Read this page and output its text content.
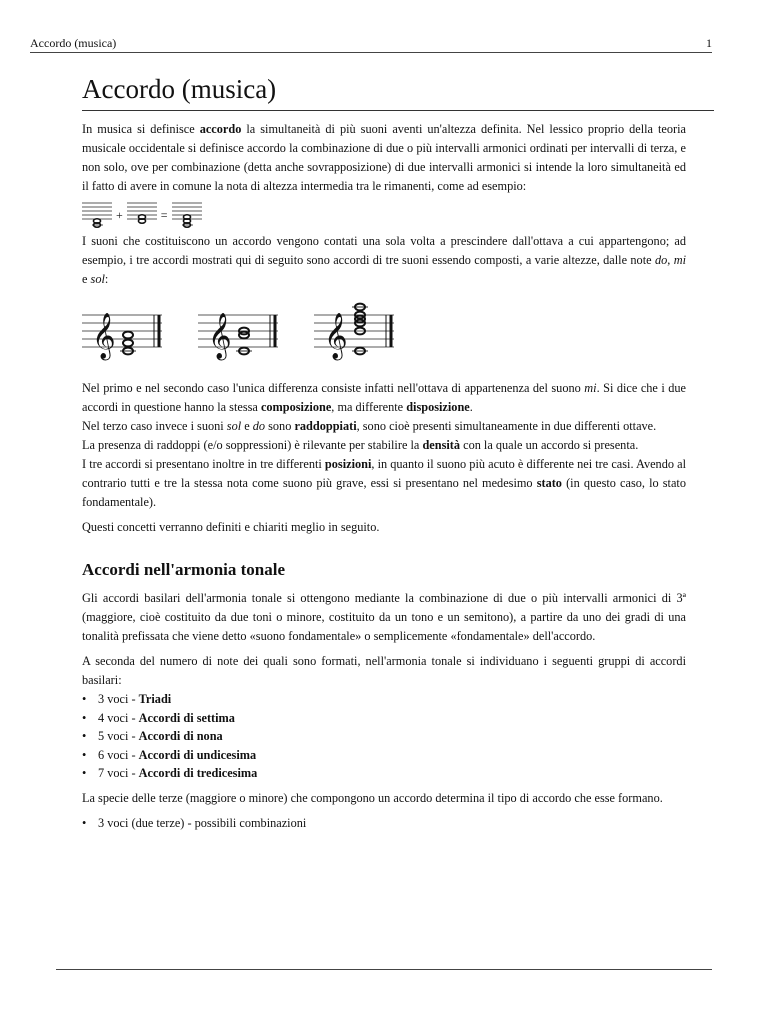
Accordo (musica)	1
Accordo (musica)

In musica si definisce accordo la simultaneità di più suoni aventi un'altezza definita. Nel lessico proprio della teoria musicale occidentale si definisce accordo la combinazione di due o più intervalli armonici ordinati per intervalli di terza, e non solo, ove per combinazione (detta anche sovrapposizione) di due intervalli armonici si intende la loro simultaneità ed il fatto di avere in comune la nota di altezza intermedia tra le rimanenti, come ad esempio:

+	=

I suoni che costituiscono un accordo vengono contati una sola volta a prescindere dall'ottava a cui appartengono; ad esempio, i tre accordi mostrati qui di seguito sono accordi di tre suoni essendo composti, a varie altezze, dalle note do, mi e sol:

𝄞 𝄞 𝄞

Nel primo e nel secondo caso l'unica differenza consiste infatti nell'ottava di appartenenza del suono mi. Si dice che i due accordi in questione hanno la stessa composizione, ma differente disposizione.

Nel terzo caso invece i suoni sol e do sono raddoppiati, sono cioè presenti simultaneamente in due differenti ottave.

La presenza di raddoppi (e/o soppressioni) è rilevante per stabilire la densità con la quale un accordo si presenta.

I tre accordi si presentano inoltre in tre differenti posizioni, in quanto il suono più acuto è differente nei tre casi. Avendo al contrario tutti e tre la stessa nota come suono più grave, essi si presentano nel medesimo stato (in questo caso, lo stato fondamentale).

Questi concetti verranno definiti e chiariti meglio in seguito.

Accordi nell'armonia tonale

Gli accordi basilari dell'armonia tonale si ottengono mediante la combinazione di due o più intervalli armonici di 3ª (maggiore, cioè costituito da due toni o minore, costituito da un tono e un semitono), a partire da uno dei gradi di una tonalità prefissata che viene detto «suono fondamentale» o semplicemente «fondamentale» dell'accordo.

A seconda del numero di note dei quali sono formati, nell'armonia tonale si individuano i seguenti gruppi di accordi basilari:

• 3 voci - Triadi
• 4 voci - Accordi di settima
• 5 voci - Accordi di nona
• 6 voci - Accordi di undicesima
• 7 voci - Accordi di tredicesima

La specie delle terze (maggiore o minore) che compongono un accordo determina il tipo di accordo che esse formano.

• 3 voci (due terze) - possibili combinazioni
